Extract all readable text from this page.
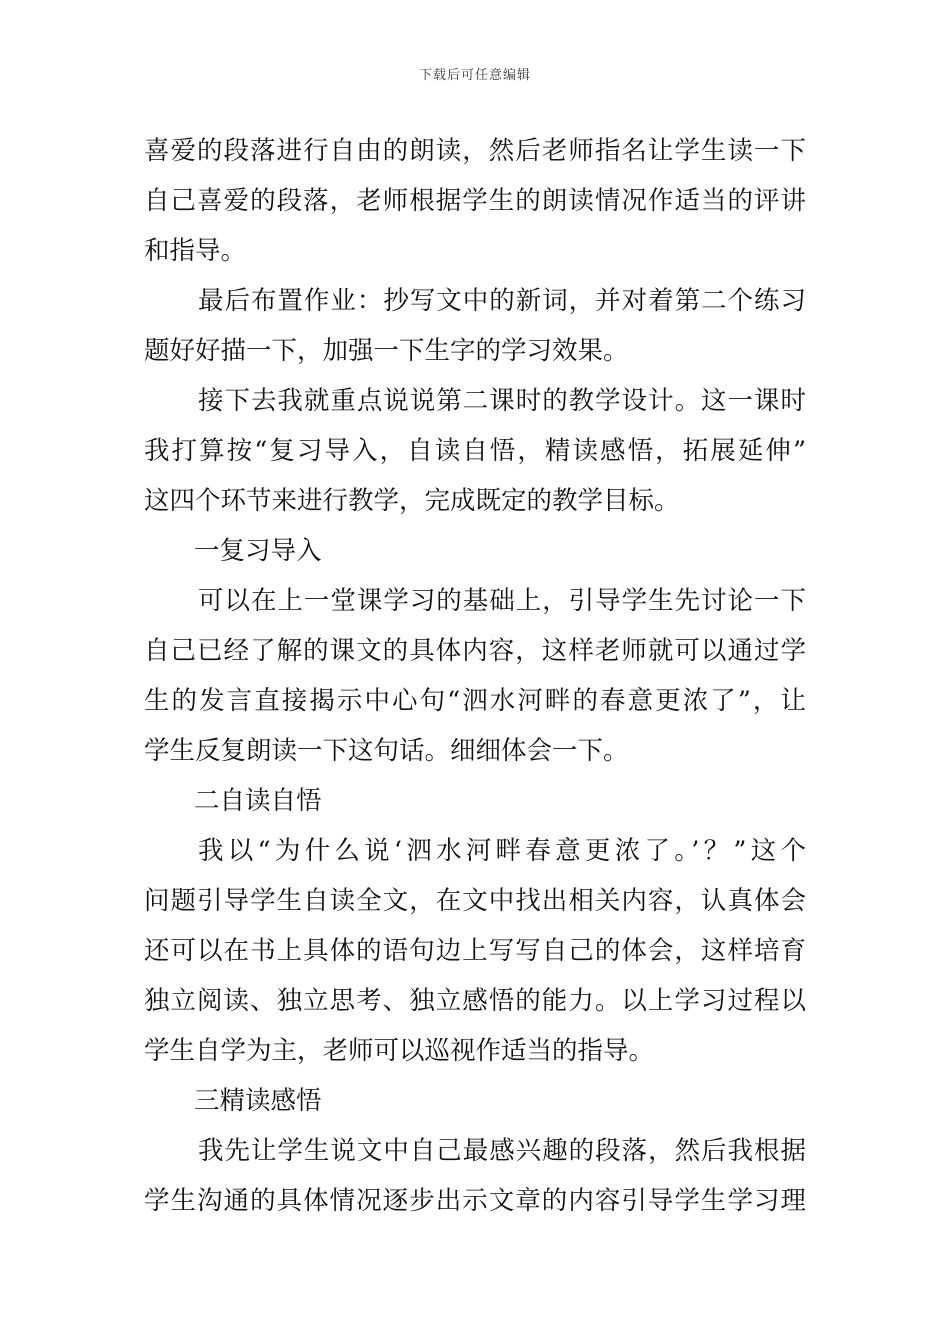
下载后可任意编辑
喜爱的段落进行自由的朗读，然后老师指名让学生读一下
自己喜爱的段落，老师根据学生的朗读情况作适当的评讲
和指导。
最后布置作业：抄写文中的新词，并对着第二个练习
题好好描一下，加强一下生字的学习效果。
接下去我就重点说说第二课时的教学设计。这一课时
我打算按“复习导入，自读自悟，精读感悟，拓展延伸”
这四个环节来进行教学，完成既定的教学目标。
一复习导入
可以在上一堂课学习的基础上，引导学生先讨论一下
自己已经了解的课文的具体内容，这样老师就可以通过学
生的发言直接揭示中心句“泗水河畔的春意更浓了”，让
学生反复朗读一下这句话。细细体会一下。
二自读自悟
我以“为什么说‘泗水河畔春意更浓了。’？”这个
问题引导学生自读全文，在文中找出相关内容，认真体会
还可以在书上具体的语句边上写写自己的体会，这样培育
独立阅读、独立思考、独立感悟的能力。以上学习过程以
学生自学为主，老师可以巡视作适当的指导。
三精读感悟
我先让学生说文中自己最感兴趣的段落，然后我根据
学生沟通的具体情况逐步出示文章的内容引导学生学习理
